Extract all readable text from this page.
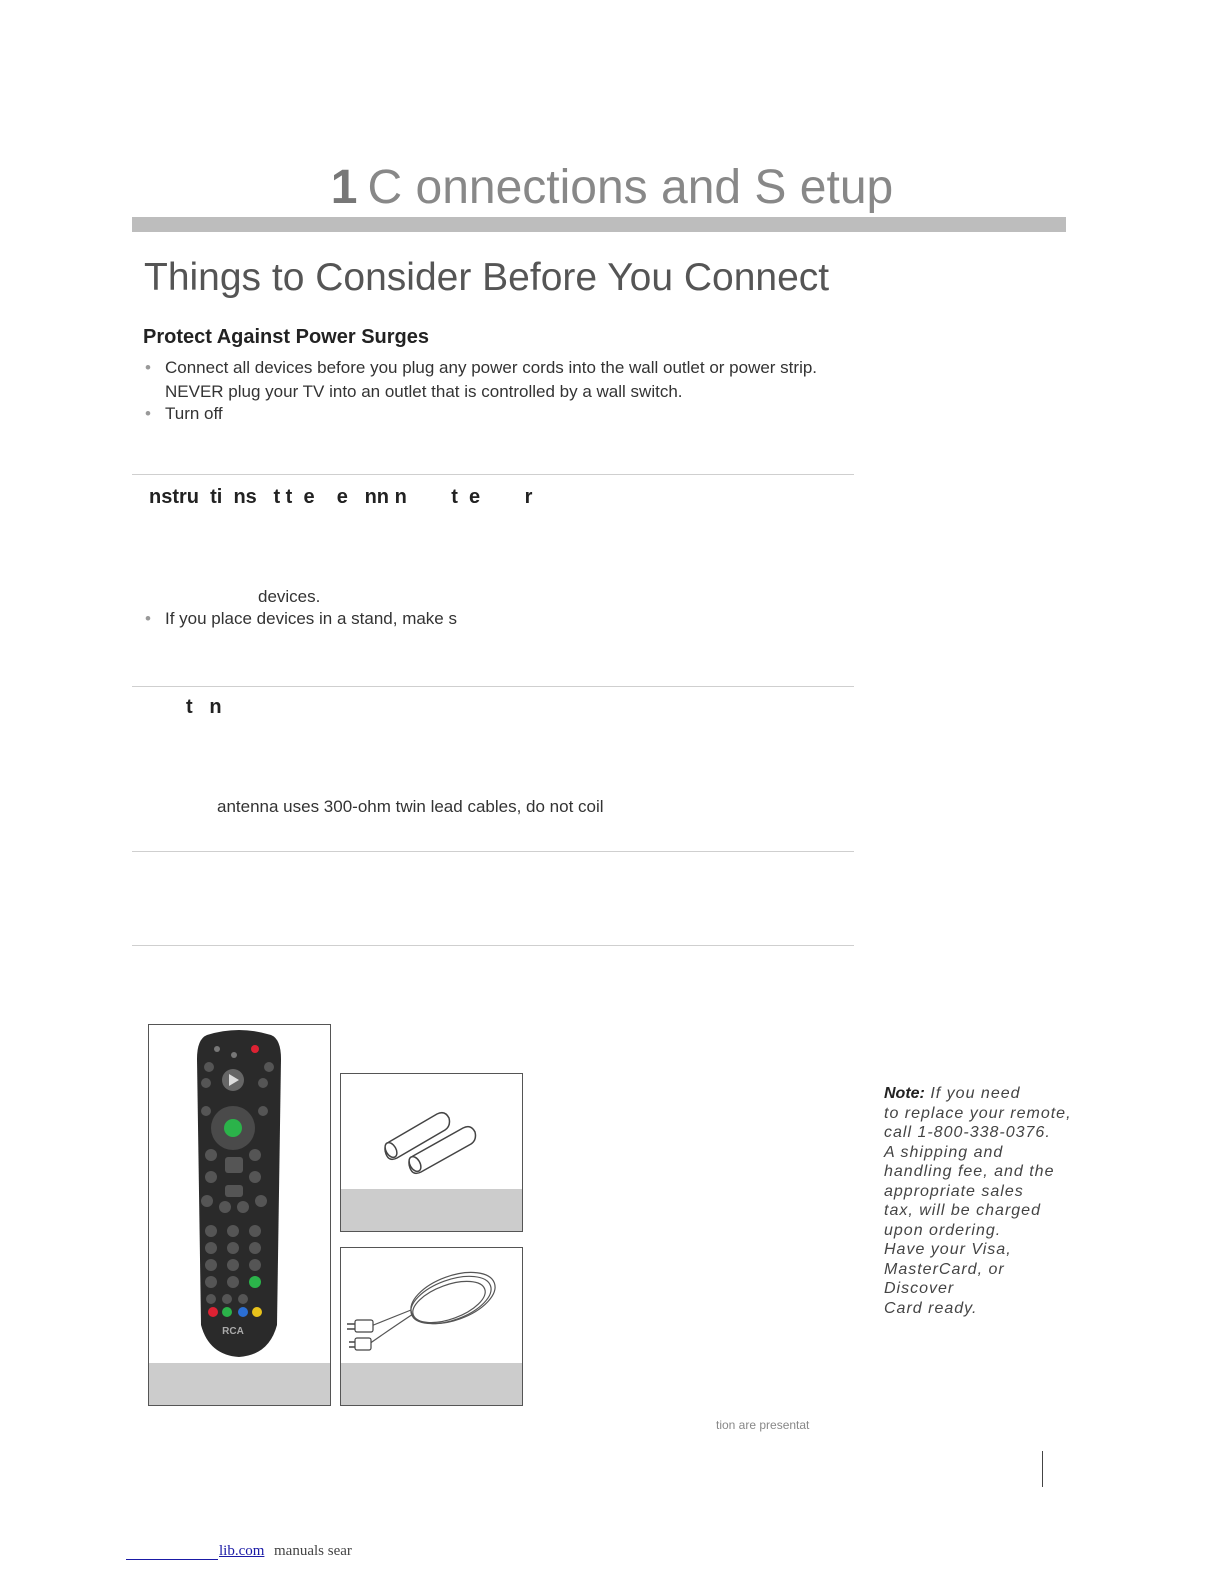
1 C onnections and S etup
Things to Consider Before You Connect
Protect Against Power Surges
• Connect all devices before you plug any power cords into the wall outlet or power strip.
NEVER plug your TV into an outlet that is controlled by a wall switch.
• Turn off
nstru  ti  ns   t t  e    e   nn n        t  e        r
devices.
• If you place devices in a stand, make s
t   n
antenna uses 300-ohm twin lead cables, do not coil
RCA
Note: If you need
to replace your remote,
call 1-800-338-0376.
A shipping and
handling fee, and the
appropriate sales
tax, will be charged
upon ordering.
Have your Visa,
MasterCard, or Discover
Card ready.
tion are presentat
lib.com manuals sear
